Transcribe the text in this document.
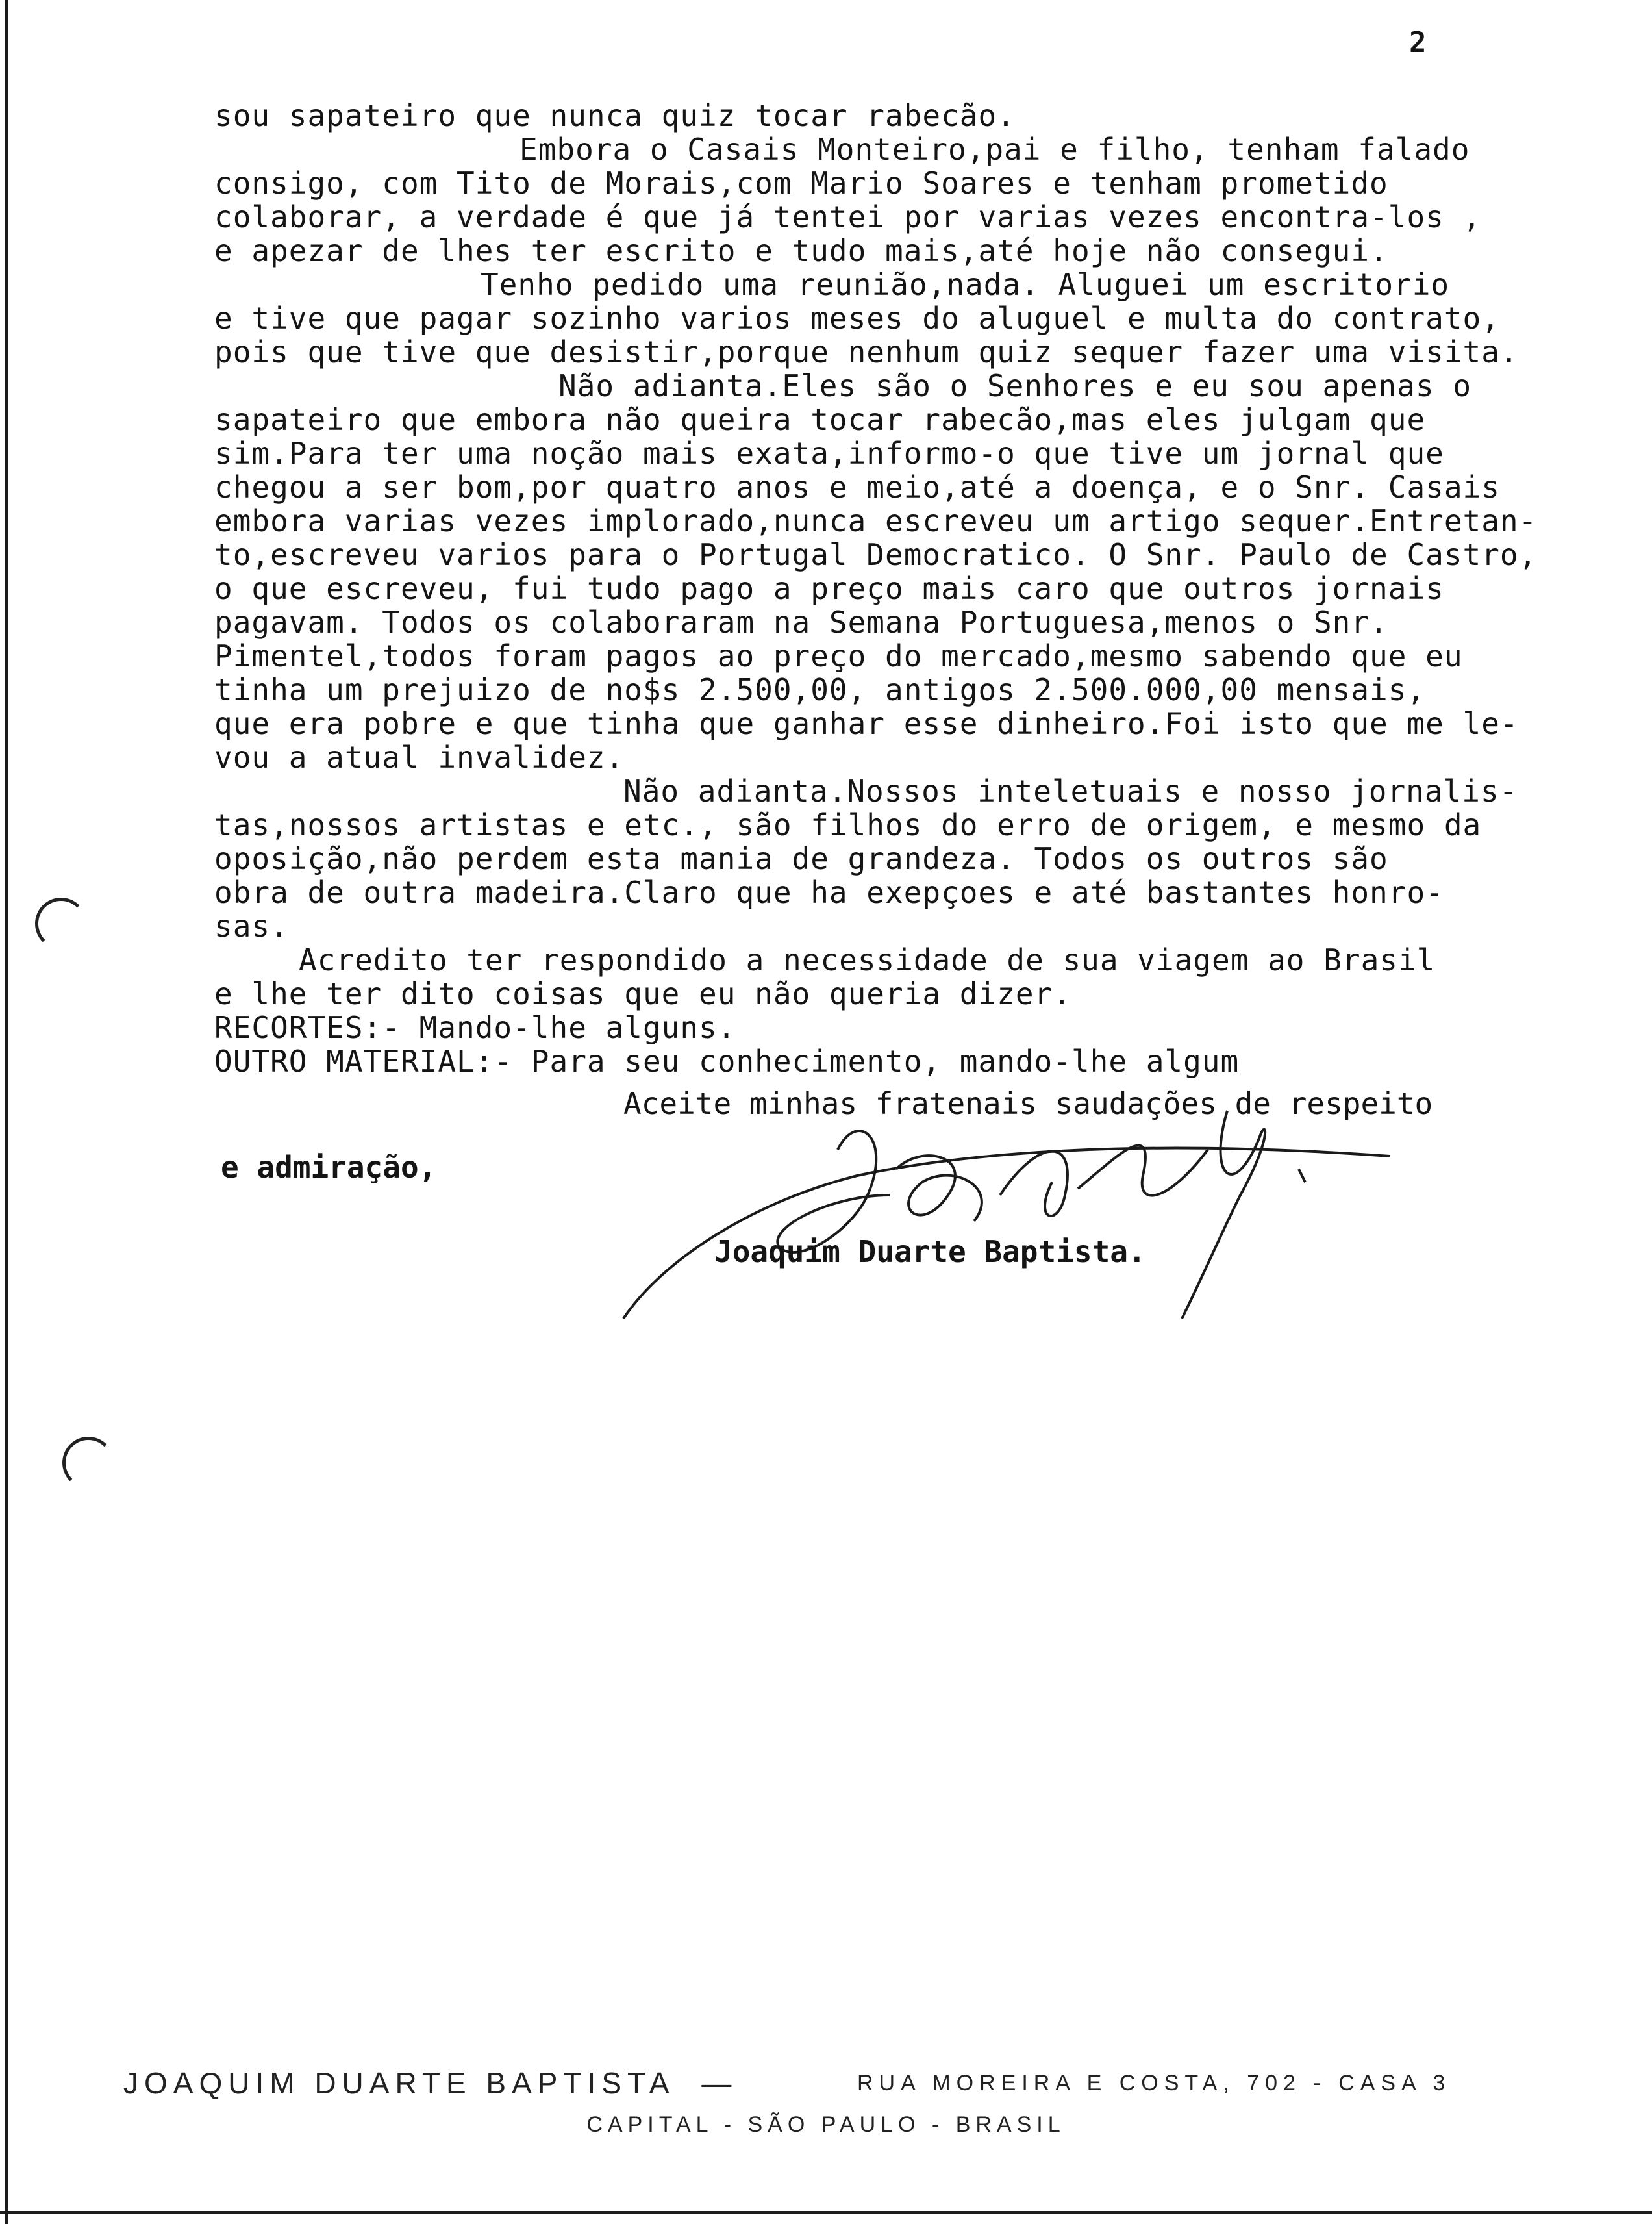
2
sou sapateiro que nunca quiz tocar rabecão.
Embora o Casais Monteiro,pai e filho, tenham falado
consigo, com Tito de Morais,com Mario Soares e tenham prometido
colaborar, a verdade é que já tentei por varias vezes encontra-los ,
e apezar de lhes ter escrito e tudo mais,até hoje não consegui.
Tenho pedido uma reunião,nada. Aluguei um escritorio
e tive que pagar sozinho varios meses do aluguel e multa do contrato,
pois que tive que desistir,porque nenhum quiz sequer fazer uma visita.
Não adianta.Eles são o Senhores e eu sou apenas o
sapateiro que embora não queira tocar rabecão,mas eles julgam que
sim.Para ter uma noção mais exata,informo-o que tive um jornal que
chegou a ser bom,por quatro anos e meio,até a doença, e o Snr. Casais
embora varias vezes implorado,nunca escreveu um artigo sequer.Entretan-
to,escreveu varios para o Portugal Democratico. O Snr. Paulo de Castro,
o que escreveu, fui tudo pago a preço mais caro que outros jornais
pagavam. Todos os colaboraram na Semana Portuguesa,menos o Snr.
Pimentel,todos foram pagos ao preço do mercado,mesmo sabendo que eu
tinha um prejuizo de no$s 2.500,00, antigos 2.500.000,00 mensais,
que era pobre e que tinha que ganhar esse dinheiro.Foi isto que me le-
vou a atual invalidez.
Não adianta.Nossos inteletuais e nosso jornalis-
tas,nossos artistas e etc., são filhos do erro de origem, e mesmo da
oposição,não perdem esta mania de grandeza. Todos os outros são
obra de outra madeira.Claro que ha exepçoes e até bastantes honro-
sas.
Acredito ter respondido a necessidade de sua viagem ao Brasil
e lhe ter dito coisas que eu não queria dizer.
RECORTES:- Mando-lhe alguns.
OUTRO MATERIAL:- Para seu conhecimento, mando-lhe algum
Aceite minhas fratenais saudações de respeito
e admiração,
Joaquim Duarte Baptista.
JOAQUIM DUARTE BAPTISTA  —	RUA MOREIRA E COSTA, 702 - CASA 3
CAPITAL - SÃO PAULO - BRASIL
